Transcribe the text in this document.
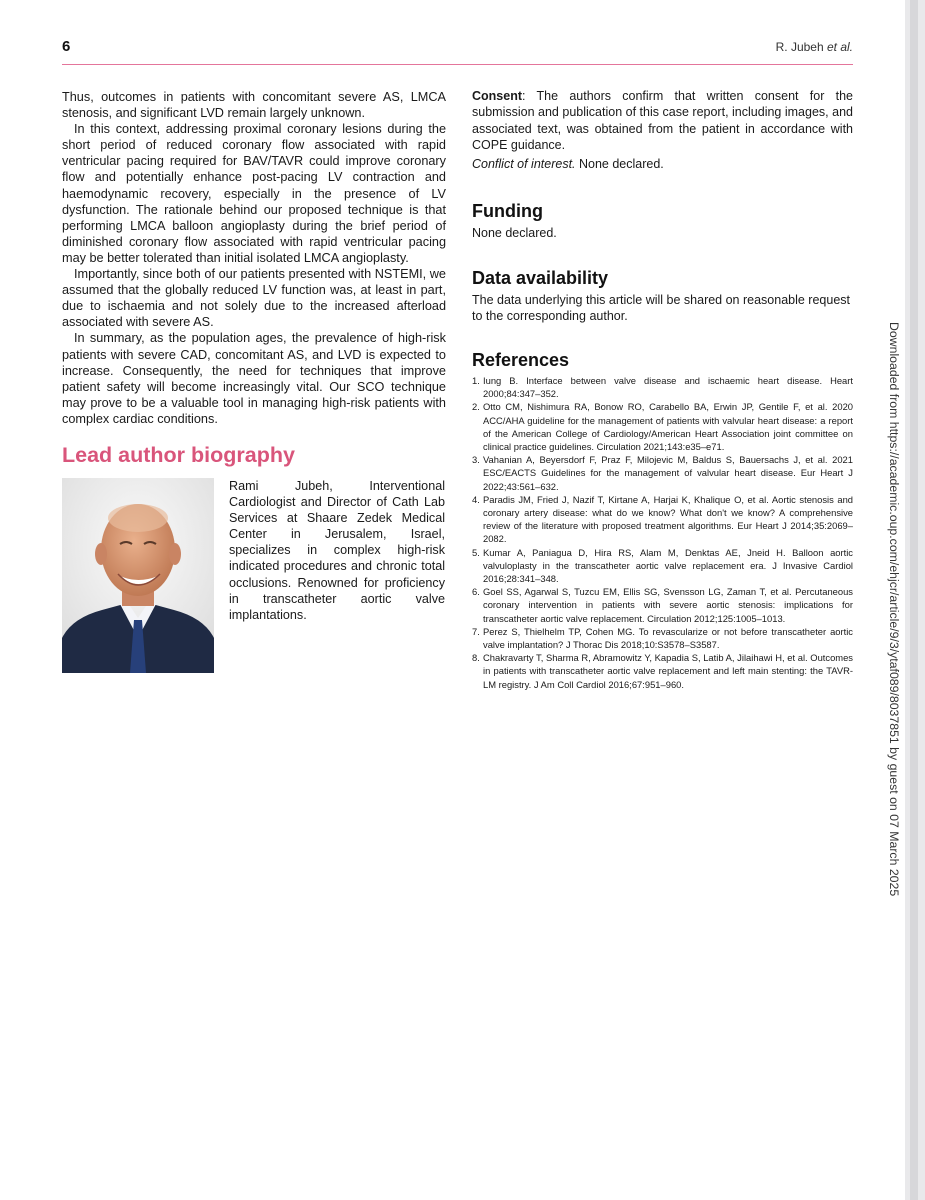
6	R. Jubeh et al.

Thus, outcomes in patients with concomitant severe AS, LMCA stenosis, and significant LVD remain largely unknown.

In this context, addressing proximal coronary lesions during the short period of reduced coronary flow associated with rapid ventricular pacing required for BAV/TAVR could improve coronary flow and potentially enhance post-pacing LV contraction and haemodynamic recovery, especially in the presence of LV dysfunction. The rationale behind our proposed technique is that performing LMCA balloon angioplasty during the brief period of diminished coronary flow associated with rapid ventricular pacing may be better tolerated than initial isolated LMCA angioplasty.

Importantly, since both of our patients presented with NSTEMI, we assumed that the globally reduced LV function was, at least in part, due to ischaemia and not solely due to the increased afterload associated with severe AS.

In summary, as the population ages, the prevalence of high-risk patients with severe CAD, concomitant AS, and LVD is expected to increase. Consequently, the need for techniques that improve patient safety will become increasingly vital. Our SCO technique may prove to be a valuable tool in managing high-risk patients with complex cardiac conditions.

Lead author biography
Rami Jubeh, Interventional Cardiologist and Director of Cath Lab Services at Shaare Zedek Medical Center in Jerusalem, Israel, specializes in complex high-risk indicated procedures and chronic total occlusions. Renowned for proficiency in transcatheter aortic valve implantations.

Consent: The authors confirm that written consent for the submission and publication of this case report, including images, and associated text, was obtained from the patient in accordance with COPE guidance.

Conflict of interest. None declared.
Funding
None declared.
Data availability
The data underlying this article will be shared on reasonable request to the corresponding author.
References
1. Iung B. Interface between valve disease and ischaemic heart disease. Heart 2000;84:347–352.
2. Otto CM, Nishimura RA, Bonow RO, Carabello BA, Erwin JP, Gentile F, et al. 2020 ACC/AHA guideline for the management of patients with valvular heart disease: a report of the American College of Cardiology/American Heart Association joint committee on clinical practice guidelines. Circulation 2021;143:e35–e71.
3. Vahanian A, Beyersdorf F, Praz F, Milojevic M, Baldus S, Bauersachs J, et al. 2021 ESC/EACTS Guidelines for the management of valvular heart disease. Eur Heart J 2022;43:561–632.
4. Paradis JM, Fried J, Nazif T, Kirtane A, Harjai K, Khalique O, et al. Aortic stenosis and coronary artery disease: what do we know? What don't we know? A comprehensive review of the literature with proposed treatment algorithms. Eur Heart J 2014;35:2069–2082.
5. Kumar A, Paniagua D, Hira RS, Alam M, Denktas AE, Jneid H. Balloon aortic valvuloplasty in the transcatheter aortic valve replacement era. J Invasive Cardiol 2016;28:341–348.
6. Goel SS, Agarwal S, Tuzcu EM, Ellis SG, Svensson LG, Zaman T, et al. Percutaneous coronary intervention in patients with severe aortic stenosis: implications for transcatheter aortic valve replacement. Circulation 2012;125:1005–1013.
7. Perez S, Thielhelm TP, Cohen MG. To revascularize or not before transcatheter aortic valve implantation? J Thorac Dis 2018;10:S3578–S3587.
8. Chakravarty T, Sharma R, Abramowitz Y, Kapadia S, Latib A, Jilaihawi H, et al. Outcomes in patients with transcatheter aortic valve replacement and left main stenting: the TAVR-LM registry. J Am Coll Cardiol 2016;67:951–960.	Downloaded from https://academic.oup.com/ehjcr/article/9/3/ytaf089/8037851 by guest on 07 March 2025
